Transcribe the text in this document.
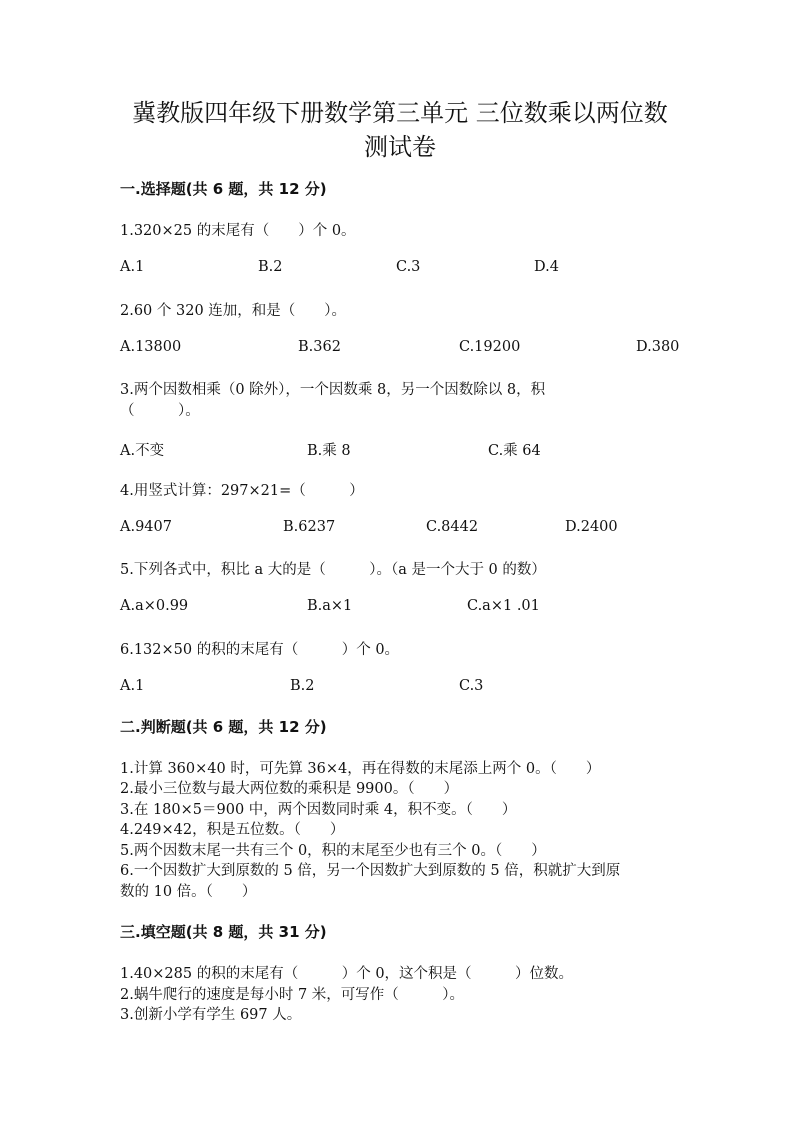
冀教版四年级下册数学第三单元 三位数乘以两位数
测试卷
一.选择题(共 6 题，共 12 分)
1.320×25 的末尾有（　　）个 0。
A.1	B.2	C.3	D.4
2.60 个 320 连加，和是（　　）。
A.13800	B.362	C.19200	D.380
3.两个因数相乘（0 除外），一个因数乘 8，另一个因数除以 8，积
（　　　）。
A.不变	B.乘 8	C.乘 64
4.用竖式计算：297×21=（　　　）
A.9407	B.6237	C.8442	D.2400
5.下列各式中，积比 a 大的是（　　　）。（a 是一个大于 0 的数）
A.a×0.99	B.a×1	C.a×1 .01
6.132×50 的积的末尾有（　　　）个 0。
A.1	B.2	C.3
二.判断题(共 6 题，共 12 分)
1.计算 360×40 时，可先算 36×4，再在得数的末尾添上两个 0。（　　）
2.最小三位数与最大两位数的乘积是 9900。（　　）
3.在 180×5＝900 中，两个因数同时乘 4，积不变。（　　）
4.249×42，积是五位数。（　　）
5.两个因数末尾一共有三个 0，积的末尾至少也有三个 0。（　　）
6.一个因数扩大到原数的 5 倍，另一个因数扩大到原数的 5 倍，积就扩大到原
数的 10 倍。（　　）
三.填空题(共 8 题，共 31 分)
1.40×285 的积的末尾有（　　　）个 0，这个积是（　　　）位数。
2.蜗牛爬行的速度是每小时 7 米，可写作（　　　）。
3.创新小学有学生 697 人。
